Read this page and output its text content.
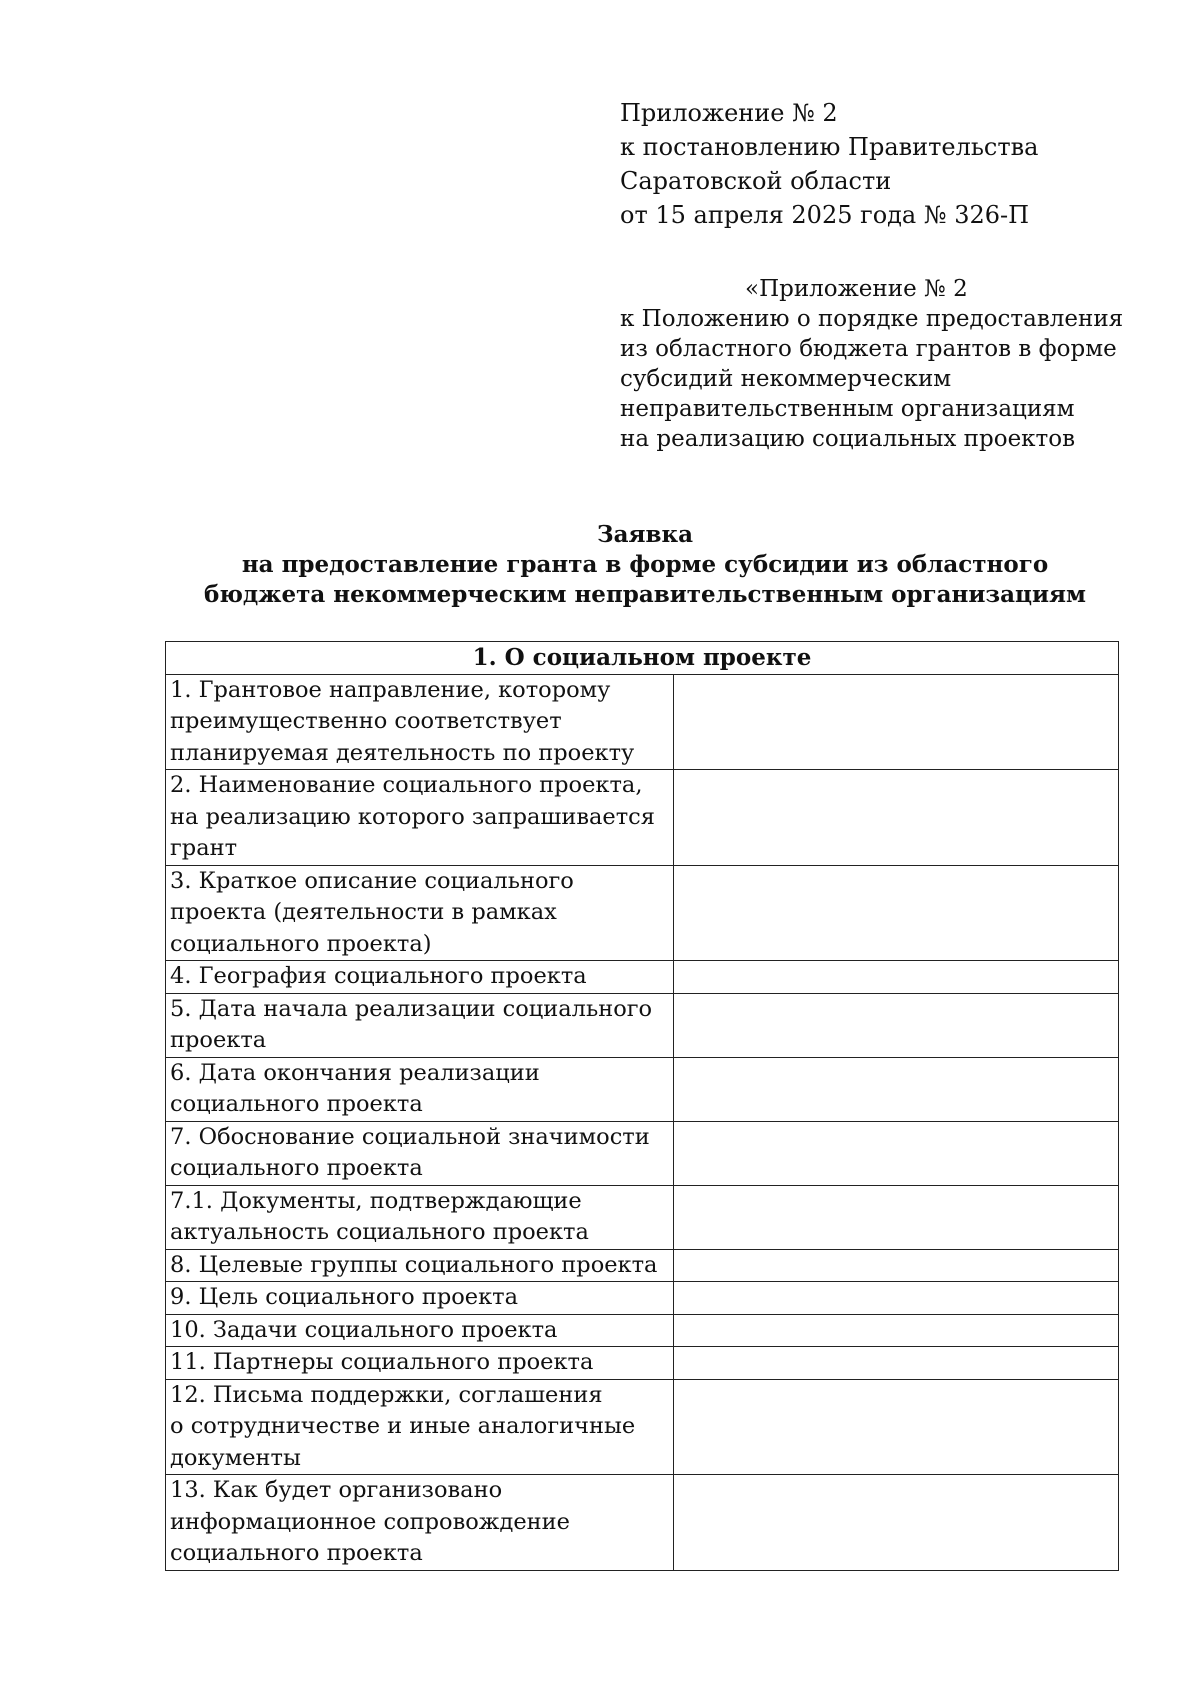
Приложение № 2
к постановлению Правительства
Саратовской области
от 15 апреля 2025 года № 326-П
«Приложение № 2
к Положению о порядке предоставления
из областного бюджета грантов в форме
субсидий некоммерческим
неправительственным организациям
на реализацию социальных проектов
Заявка
на предоставление гранта в форме субсидии из областного
бюджета некоммерческим неправительственным организациям
1. О социальном проекте	
1. Грантовое направление, которому
преимущественно соответствует
планируемая деятельность по проекту	
2. Наименование социального проекта,
на реализацию которого запрашивается
грант	
3. Краткое описание социального
проекта (деятельности в рамках
социального проекта)	
4. География социального проекта	
5. Дата начала реализации социального
проекта	
6. Дата окончания реализации
социального проекта	
7. Обоснование социальной значимости
социального проекта	
7.1. Документы, подтверждающие
актуальность социального проекта	
8. Целевые группы социального проекта	
9. Цель социального проекта	
10. Задачи социального проекта	
11. Партнеры социального проекта	
12. Письма поддержки, соглашения
о сотрудничестве и иные аналогичные
документы	
13. Как будет организовано
информационное сопровождение
социального проекта	
